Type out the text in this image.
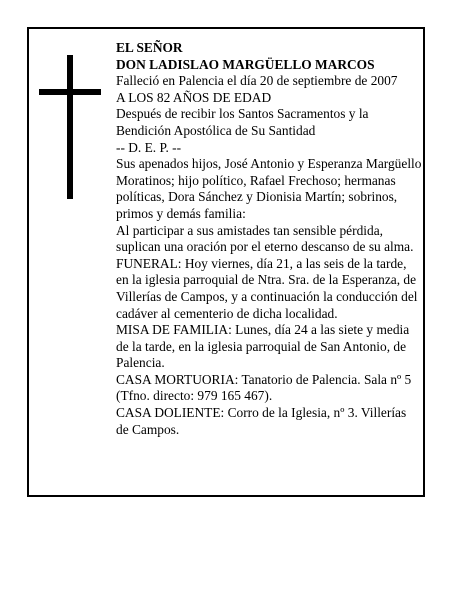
EL SEÑOR

DON LADISLAO MARGÜELLO MARCOS

Falleció en Palencia el día 20 de septiembre de 2007

A LOS 82 AÑOS DE EDAD

Después de recibir los Santos Sacramentos y la Bendición Apostólica de Su Santidad

-- D. E. P. --

Sus apenados hijos, José Antonio y Esperanza Margüello Moratinos; hijo político, Rafael Frechoso; hermanas políticas, Dora Sánchez y Dionisia Martín; sobrinos, primos y demás familia:

Al participar a sus amistades tan sensible pérdida, suplican una oración por el eterno descanso de su alma.

FUNERAL: Hoy viernes, día 21, a las seis de la tarde, en la iglesia parroquial de Ntra. Sra. de la Esperanza, de Villerías de Campos, y a continuación la conducción del cadáver al cementerio de dicha localidad.

MISA DE FAMILIA: Lunes, día 24 a las siete y media de la tarde, en la iglesia parroquial de San Antonio, de Palencia.

CASA MORTUORIA: Tanatorio de Palencia. Sala nº 5 (Tfno. directo: 979 165 467).

CASA DOLIENTE: Corro de la Iglesia, nº 3. Villerías de Campos.
